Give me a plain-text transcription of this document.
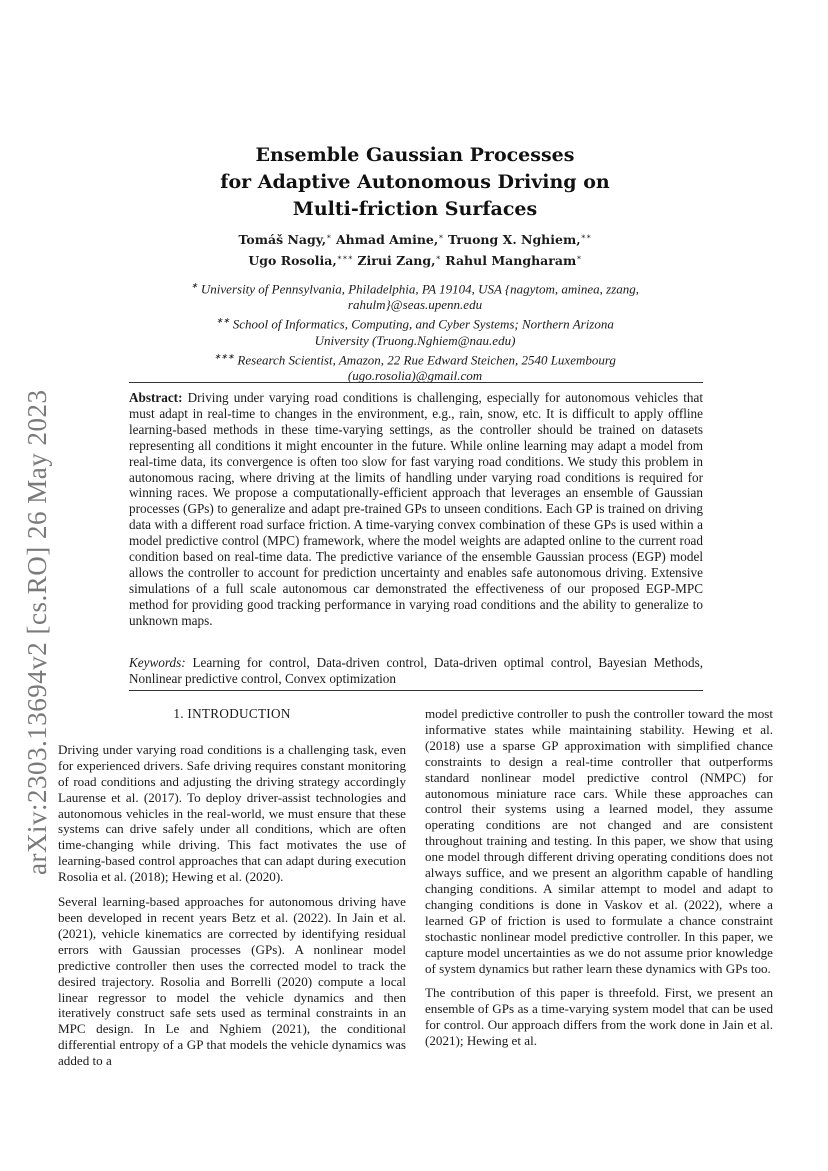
arXiv:2303.13694v2 [cs.RO] 26 May 2023
Ensemble Gaussian Processes
for Adaptive Autonomous Driving on
Multi-friction Surfaces
Tomáš Nagy,∗ Ahmad Amine,∗ Truong X. Nghiem,∗∗
Ugo Rosolia,∗∗∗ Zirui Zang,∗ Rahul Mangharam∗

∗ University of Pennsylvania, Philadelphia, PA 19104, USA {nagytom, aminea, zzang, rahulm}@seas.upenn.edu

∗∗ School of Informatics, Computing, and Cyber Systems; Northern Arizona University (Truong.Nghiem@nau.edu)

∗∗∗ Research Scientist, Amazon, 22 Rue Edward Steichen, 2540 Luxembourg (ugo.rosolia)@gmail.com

Abstract: Driving under varying road conditions is challenging, especially for autonomous vehicles that must adapt in real-time to changes in the environment, e.g., rain, snow, etc. It is difficult to apply offline learning-based methods in these time-varying settings, as the controller should be trained on datasets representing all conditions it might encounter in the future. While online learning may adapt a model from real-time data, its convergence is often too slow for fast varying road conditions. We study this problem in autonomous racing, where driving at the limits of handling under varying road conditions is required for winning races. We propose a computationally-efficient approach that leverages an ensemble of Gaussian processes (GPs) to generalize and adapt pre-trained GPs to unseen conditions. Each GP is trained on driving data with a different road surface friction. A time-varying convex combination of these GPs is used within a model predictive control (MPC) framework, where the model weights are adapted online to the current road condition based on real-time data. The predictive variance of the ensemble Gaussian process (EGP) model allows the controller to account for prediction uncertainty and enables safe autonomous driving. Extensive simulations of a full scale autonomous car demonstrated the effectiveness of our proposed EGP-MPC method for providing good tracking performance in varying road conditions and the ability to generalize to unknown maps.

Keywords: Learning for control, Data-driven control, Data-driven optimal control, Bayesian Methods, Nonlinear predictive control, Convex optimization

1. INTRODUCTION

Driving under varying road conditions is a challenging task, even for experienced drivers. Safe driving requires constant monitoring of road conditions and adjusting the driving strategy accordingly Laurense et al. (2017). To deploy driver-assist technologies and autonomous vehicles in the real-world, we must ensure that these systems can drive safely under all conditions, which are often time-changing while driving. This fact motivates the use of learning-based control approaches that can adapt during execution Rosolia et al. (2018); Hewing et al. (2020).

Several learning-based approaches for autonomous driving have been developed in recent years Betz et al. (2022). In Jain et al. (2021), vehicle kinematics are corrected by identifying residual errors with Gaussian processes (GPs). A nonlinear model predictive controller then uses the corrected model to track the desired trajectory. Rosolia and Borrelli (2020) compute a local linear regressor to model the vehicle dynamics and then iteratively construct safe sets used as terminal constraints in an MPC design. In Le and Nghiem (2021), the conditional differential entropy of a GP that models the vehicle dynamics was added to a

model predictive controller to push the controller toward the most informative states while maintaining stability. Hewing et al. (2018) use a sparse GP approximation with simplified chance constraints to design a real-time controller that outperforms standard nonlinear model predictive control (NMPC) for autonomous miniature race cars. While these approaches can control their systems using a learned model, they assume operating conditions are not changed and are consistent throughout training and testing. In this paper, we show that using one model through different driving operating conditions does not always suffice, and we present an algorithm capable of handling changing conditions. A similar attempt to model and adapt to changing conditions is done in Vaskov et al. (2022), where a learned GP of friction is used to formulate a chance constraint stochastic nonlinear model predictive controller. In this paper, we capture model uncertainties as we do not assume prior knowledge of system dynamics but rather learn these dynamics with GPs too.

The contribution of this paper is threefold. First, we present an ensemble of GPs as a time-varying system model that can be used for control. Our approach differs from the work done in Jain et al. (2021); Hewing et al.
